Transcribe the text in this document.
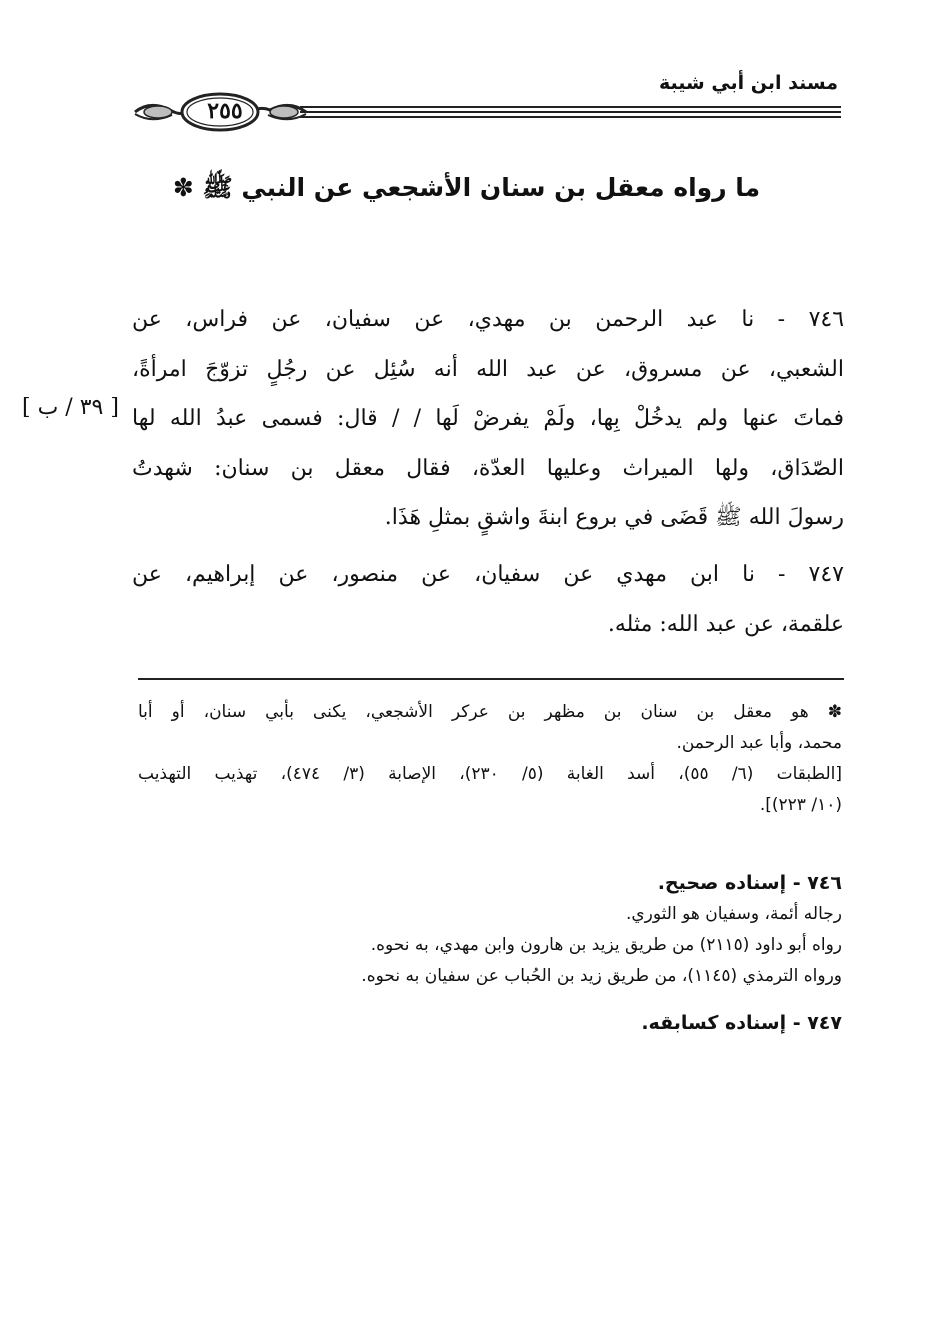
مسند ابن أبي شيبة
٢٥٥
ما رواه معقل بن سنان الأشجعي عن النبي ﷺ ✽
٧٤٦ - نا عبد الرحمن بن مهدي، عن سفيان، عن فراس، عن
الشعبي، عن مسروق، عن عبد الله أنه سُئِل عن رجُلٍ تزوّجَ امرأةً،
فماتَ عنها ولم يدخُلْ بِها، ولَمْ يفرضْ لَها / / قال: فسمى عبدُ الله لها
الصّدَاق، ولها الميراث وعليها العدّة، فقال معقل بن سنان: شهدتُ
رسولَ الله ﷺ قَضَى في بروع ابنةَ واشقٍ بمثلِ هَذَا.
[ ٣٩ / ب ]
٧٤٧ - نا ابن مهدي عن سفيان، عن منصور، عن إبراهيم، عن
علقمة، عن عبد الله: مثله.
✽ هو معقل بن سنان بن مظهر بن عركر الأشجعي، يكنى بأبي سنان، أو أبا
محمد، وأبا عبد الرحمن.
[الطبقات (٦/ ٥٥)، أسد الغابة (٥/ ٢٣٠)، الإصابة (٣/ ٤٧٤)، تهذيب التهذيب
(١٠/ ٢٢٣)].
٧٤٦ - إسناده صحيح.
رجاله أئمة، وسفيان هو الثوري.
رواه أبو داود (٢١١٥) من طريق يزيد بن هارون وابن مهدي، به نحوه.
ورواه الترمذي (١١٤٥)، من طريق زيد بن الحُباب عن سفيان به نحوه.
٧٤٧ - إسناده كسابقه.
